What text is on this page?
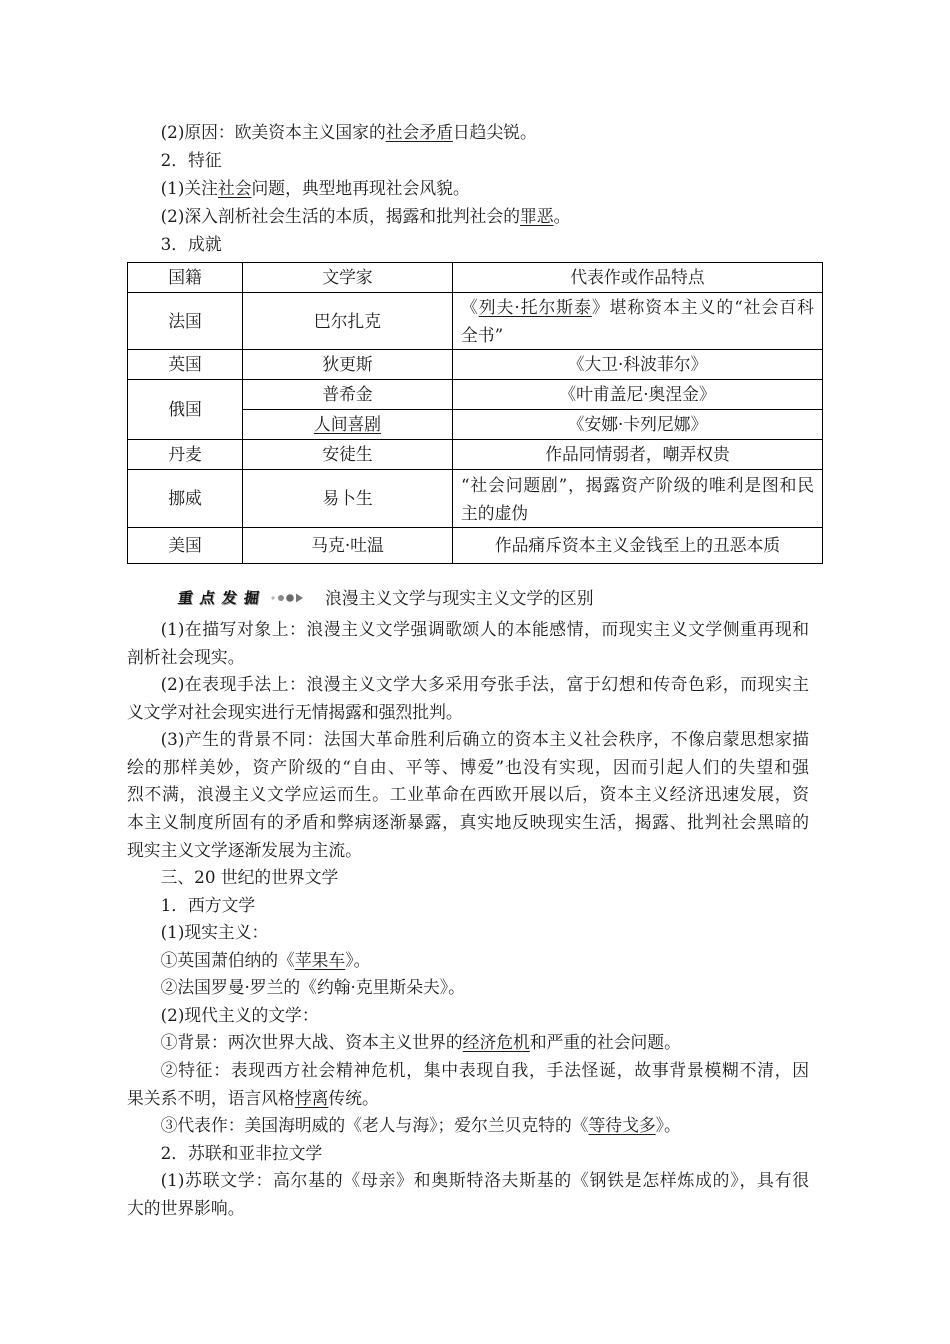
(2)原因：欧美资本主义国家的社会矛盾日趋尖锐。
2．特征
(1)关注社会问题，典型地再现社会风貌。
(2)深入剖析社会生活的本质，揭露和批判社会的罪恶。
3．成就
国籍	文学家	代表作或作品特点
法国	巴尔扎克	《列夫·托尔斯泰》堪称资本主义的“社会百科
全书”

英国	狄更斯	《大卫·科波菲尔》
俄国	普希金	《叶甫盖尼·奥涅金》
	人间喜剧	《安娜·卡列尼娜》
丹麦	安徒生	作品同情弱者，嘲弄权贵
挪威	易卜生	“社会问题剧”，揭露资产阶级的唯利是图和民
主的虚伪

美国	马克·吐温	作品痛斥资本主义金钱至上的丑恶本质
重点发掘	浪漫主义文学与现实主义文学的区别
(1)在描写对象上：浪漫主义文学强调歌颂人的本能感情，而现实主义文学侧重再现和
剖析社会现实。
(2)在表现手法上：浪漫主义文学大多采用夸张手法，富于幻想和传奇色彩，而现实主
义文学对社会现实进行无情揭露和强烈批判。
(3)产生的背景不同：法国大革命胜利后确立的资本主义社会秩序，不像启蒙思想家描
绘的那样美妙，资产阶级的“自由、平等、博爱”也没有实现，因而引起人们的失望和强
烈不满，浪漫主义文学应运而生。工业革命在西欧开展以后，资本主义经济迅速发展，资
本主义制度所固有的矛盾和弊病逐渐暴露，真实地反映现实生活，揭露、批判社会黑暗的
现实主义文学逐渐发展为主流。
三、20 世纪的世界文学
1．西方文学
(1)现实主义：
①英国萧伯纳的《苹果车》。
②法国罗曼·罗兰的《约翰·克里斯朵夫》。
(2)现代主义的文学：
①背景：两次世界大战、资本主义世界的经济危机和严重的社会问题。
②特征：表现西方社会精神危机，集中表现自我，手法怪诞，故事背景模糊不清，因
果关系不明，语言风格悖离传统。
③代表作：美国海明威的《老人与海》；爱尔兰贝克特的《等待戈多》。
2．苏联和亚非拉文学
(1)苏联文学：高尔基的《母亲》和奥斯特洛夫斯基的《钢铁是怎样炼成的》，具有很
大的世界影响。
